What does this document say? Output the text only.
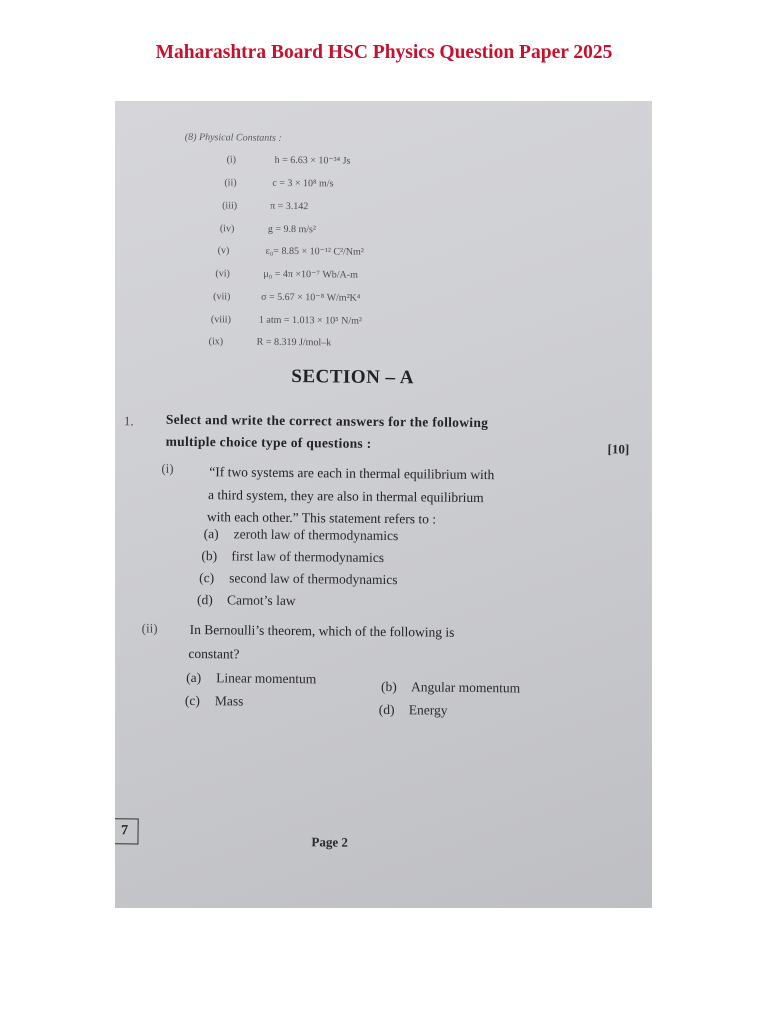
Maharashtra Board HSC Physics Question Paper 2025
(8) Physical Constants :
(i)	h = 6.63 × 10⁻³⁴ Js
(ii)	c = 3 × 10⁸ m/s
(iii)	π = 3.142
(iv)	g = 9.8 m/s²
(v)	ε₀= 8.85 × 10⁻¹² C²/Nm²
(vi)	μ₀ = 4π ×10⁻⁷ Wb/A-m
(vii)	σ = 5.67 × 10⁻⁸ W/m²K⁴
(viii)	1 atm = 1.013 × 10⁵ N/m²
(ix)	R = 8.319 J/mol–k
SECTION – A
1. Select and write the correct answers for the following
multiple choice type of questions :	[10]
(i)	“If two systems are each in thermal equilibrium with
a third system, they are also in thermal equilibrium
with each other.” This statement refers to :
(a) zeroth law of thermodynamics
(b) first law of thermodynamics
(c) second law of thermodynamics
(d) Carnot’s law
(ii) In Bernoulli’s theorem, which of the following is
constant?
(a) Linear momentum
(b) Angular momentum
(c) Mass
(d) Energy
7
Page 2
